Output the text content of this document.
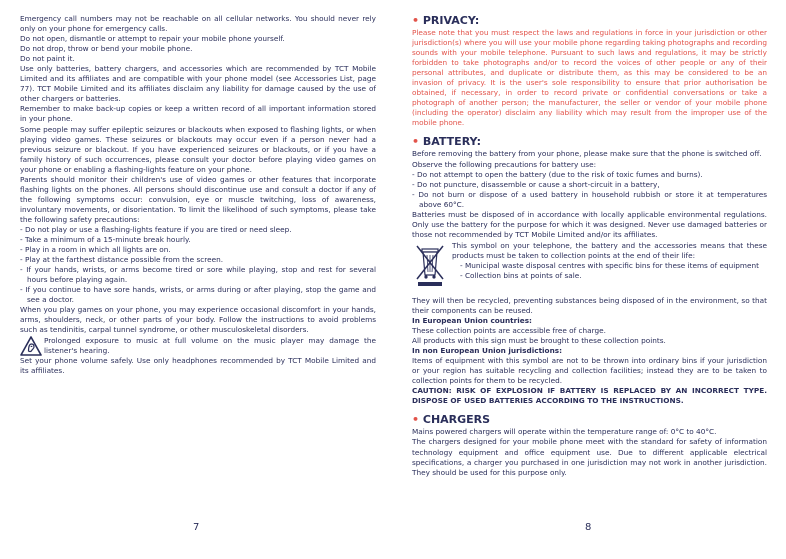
Emergency call numbers may not be reachable on all cellular networks. You should never rely only on your phone for emergency calls.

Do not open, dismantle or attempt to repair your mobile phone yourself.

Do not drop, throw or bend your mobile phone.

Do not paint it.

Use only batteries, battery chargers, and accessories which are recommended by TCT Mobile Limited and its affiliates and are compatible with your phone model (see Accessories List, page 77). TCT Mobile Limited and its affiliates disclaim any liability for damage caused by the use of other chargers or batteries.

Remember to make back-up copies or keep a written record of all important information stored in your phone.

Some people may suffer epileptic seizures or blackouts when exposed to flashing lights, or when playing video games. These seizures or blackouts may occur even if a person never had a previous seizure or blackout. If you have experienced seizures or blackouts, or if you have a family history of such occurrences, please consult your doctor before playing video games on your phone or enabling a flashing-lights feature on your phone.

Parents should monitor their children's use of video games or other features that incorporate flashing lights on the phones. All persons should discontinue use and consult a doctor if any of the following symptoms occur: convulsion, eye or muscle twitching, loss of awareness, involuntary movements, or disorientation. To limit the likelihood of such symptoms, please take the following safety precautions:

- Do not play or use a flashing-lights feature if you are tired or need sleep.

- Take a minimum of a 15-minute break hourly.

- Play in a room in which all lights are on.

- Play at the farthest distance possible from the screen.

- If your hands, wrists, or arms become tired or sore while playing, stop and rest for several hours before playing again.

- If you continue to have sore hands, wrists, or arms during or after playing, stop the game and see a doctor.

When you play games on your phone, you may experience occasional discomfort in your hands, arms, shoulders, neck, or other parts of your body. Follow the instructions to avoid problems such as tendinitis, carpal tunnel syndrome, or other musculoskeletal disorders.

Prolonged exposure to music at full volume on the music player may damage the listener's hearing.

Set your phone volume safely. Use only headphones recommended by TCT Mobile Limited and its affiliates.

• PRIVACY:

Please note that you must respect the laws and regulations in force in your jurisdiction or other jurisdiction(s) where you will use your mobile phone regarding taking photographs and recording sounds with your mobile telephone. Pursuant to such laws and regulations, it may be strictly forbidden to take photographs and/or to record the voices of other people or any of their personal attributes, and duplicate or distribute them, as this may be considered to be an invasion of privacy. It is the user's sole responsibility to ensure that prior authorisation be obtained, if necessary, in order to record private or confidential conversations or take a photograph of another person; the manufacturer, the seller or vendor of your mobile phone (including the operator) disclaim any liability which may result from the improper use of the mobile phone.

• BATTERY:

Before removing the battery from your phone, please make sure that the phone is switched off.

Observe the following precautions for battery use:

- Do not attempt to open the battery (due to the risk of toxic fumes and burns).

- Do not puncture, disassemble or cause a short-circuit in a battery,

- Do not burn or dispose of a used battery in household rubbish or store it at temperatures above 60°C.

Batteries must be disposed of in accordance with locally applicable environmental regulations. Only use the battery for the purpose for which it was designed. Never use damaged batteries or those not recommended by TCT Mobile Limited and/or its affiliates.

This symbol on your telephone, the battery and the accessories means that these products must be taken to collection points at the end of their life:

- Municipal waste disposal centres with specific bins for these items of equipment

- Collection bins at points of sale.

They will then be recycled, preventing substances being disposed of in the environment, so that their components can be reused.

In European Union countries:

These collection points are accessible free of charge.

All products with this sign must be brought to these collection points.

In non European Union jurisdictions:

Items of equipment with this symbol are not to be thrown into ordinary bins if your jurisdiction or your region has suitable recycling and collection facilities; instead they are to be taken to collection points for them to be recycled.

CAUTION: RISK OF EXPLOSION IF BATTERY IS REPLACED BY AN INCORRECT TYPE. DISPOSE OF USED BATTERIES ACCORDING TO THE INSTRUCTIONS.

• CHARGERS

Mains powered chargers will operate within the temperature range of: 0°C to 40°C.

The chargers designed for your mobile phone meet with the standard for safety of information technology equipment and office equipment use. Due to different applicable electrical specifications, a charger you purchased in one jurisdiction may not work in another jurisdiction. They should be used for this purpose only.

7	8
